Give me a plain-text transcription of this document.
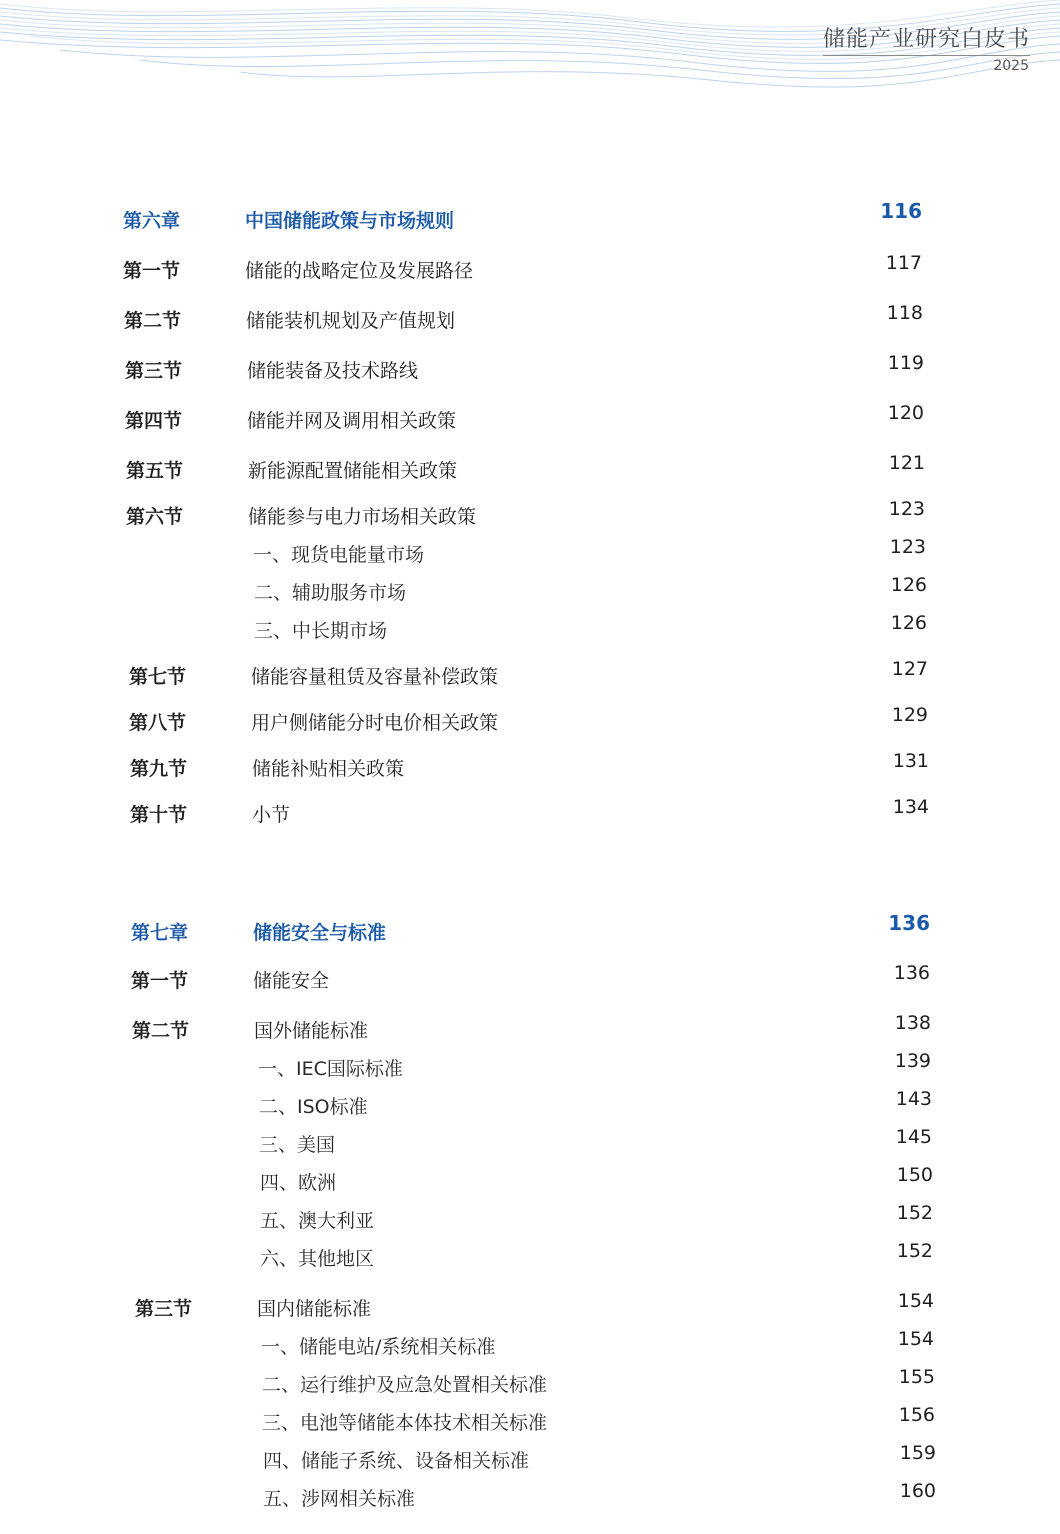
储能产业研究白皮书
2025
第六章	中国储能政策与市场规则	116
第一节	储能的战略定位及发展路径	117
第二节	储能装机规划及产值规划	118
第三节	储能装备及技术路线	119
第四节	储能并网及调用相关政策	120
第五节	新能源配置储能相关政策	121
第六节	储能参与电力市场相关政策	123
一、现货电能量市场	123
二、辅助服务市场	126
三、中长期市场	126
第七节	储能容量租赁及容量补偿政策	127
第八节	用户侧储能分时电价相关政策	129
第九节	储能补贴相关政策	131
第十节	小节	134
第七章	储能安全与标准	136
第一节	储能安全	136
第二节	国外储能标准	138
一、IEC国际标准	139
二、ISO标准	143
三、美国	145
四、欧洲	150
五、澳大利亚	152
六、其他地区	152
第三节	国内储能标准	154
一、储能电站/系统相关标准	154
二、运行维护及应急处置相关标准	155
三、电池等储能本体技术相关标准	156
四、储能子系统、设备相关标准	159
五、涉网相关标准	160
